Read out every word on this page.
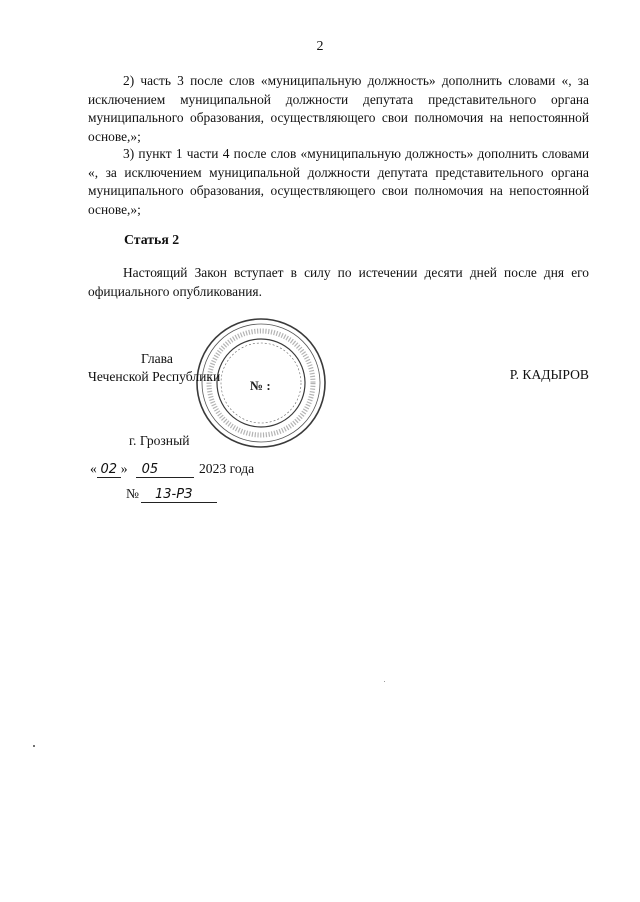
2

2) часть 3 после слов «муниципальную должность» дополнить словами «, за исключением муниципальной должности депутата представительного органа муниципального образования, осуществляющего свои полномочия на непостоянной основе,»;

3) пункт 1 части 4 после слов «муниципальную должность» дополнить словами «, за исключением муниципальной должности депутата представительного органа муниципального образования, осуществляющего свои полномочия на непостоянной основе,»;

Статья 2

Настоящий Закон вступает в силу по истечении десяти дней после дня его официального опубликования.

№ :
Глава
Чеченской Республики	Р. КАДЫРОВ
г. Грозный
« 02 » 05	2023 года
№ 13-РЗ
